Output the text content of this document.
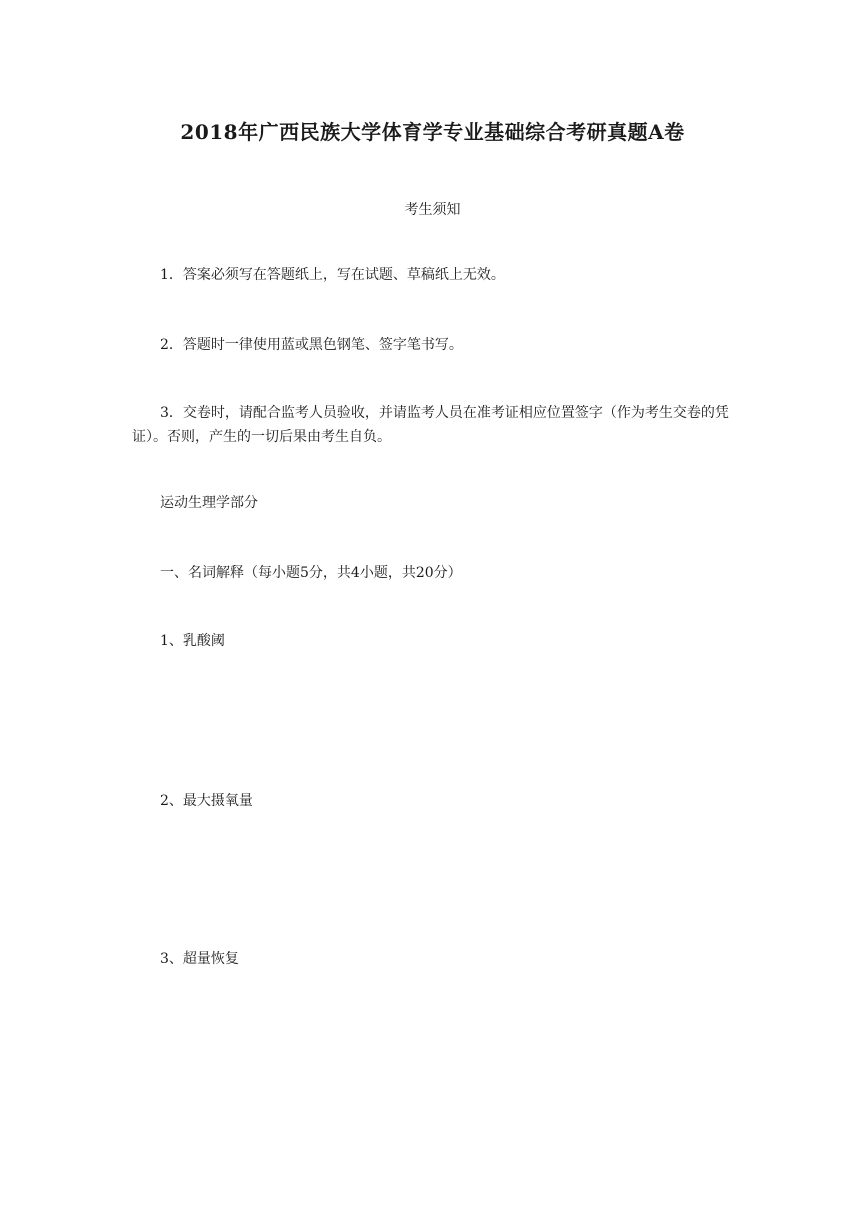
2018年广西民族大学体育学专业基础综合考研真题A卷
考生须知
1．答案必须写在答题纸上，写在试题、草稿纸上无效。
2．答题时一律使用蓝或黑色钢笔、签字笔书写。
3．交卷时，请配合监考人员验收，并请监考人员在准考证相应位置签字（作为考生交卷的凭证）。否则，产生的一切后果由考生自负。
运动生理学部分
一、名词解释（每小题5分，共4小题，共20分）
1、乳酸阈
2、最大摄氧量
3、超量恢复
